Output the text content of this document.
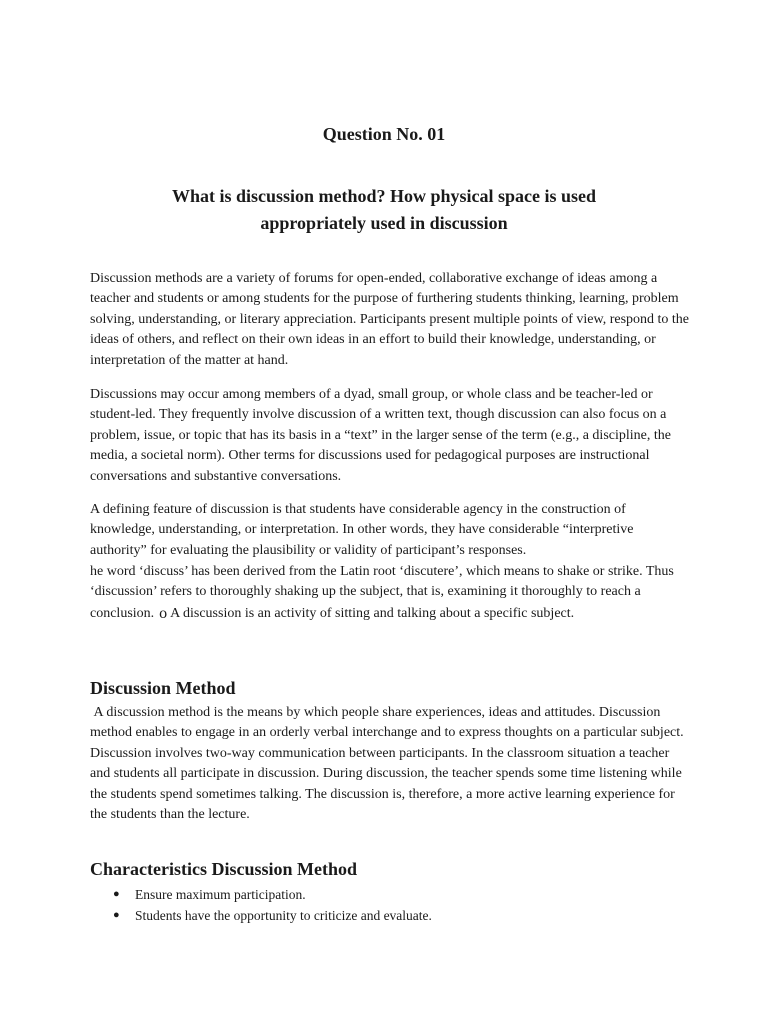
Question No. 01
What is discussion method? How physical space is used appropriately used in discussion

Discussion methods are a variety of forums for open-ended, collaborative exchange of ideas among a teacher and students or among students for the purpose of furthering students thinking, learning, problem solving, understanding, or literary appreciation. Participants present multiple points of view, respond to the ideas of others, and reflect on their own ideas in an effort to build their knowledge, understanding, or interpretation of the matter at hand.

Discussions may occur among members of a dyad, small group, or whole class and be teacher-led or student-led. They frequently involve discussion of a written text, though discussion can also focus on a problem, issue, or topic that has its basis in a “text” in the larger sense of the term (e.g., a discipline, the media, a societal norm). Other terms for discussions used for pedagogical purposes are instructional conversations and substantive conversations.

A defining feature of discussion is that students have considerable agency in the construction of knowledge, understanding, or interpretation. In other words, they have considerable “interpretive authority” for evaluating the plausibility or validity of participant’s responses.

he word ‘discuss’ has been derived from the Latin root ‘discutere’, which means to shake or strike. Thus ‘discussion’ refers to thoroughly shaking up the subject, that is, examining it thoroughly to reach a conclusion. o A discussion is an activity of sitting and talking about a specific subject.

Discussion Method

A discussion method is the means by which people share experiences, ideas and attitudes. Discussion method enables to engage in an orderly verbal interchange and to express thoughts on a particular subject. Discussion involves two-way communication between participants. In the classroom situation a teacher and students all participate in discussion. During discussion, the teacher spends some time listening while the students spend sometimes talking. The discussion is, therefore, a more active learning experience for the students than the lecture.

Characteristics Discussion Method
● Ensure maximum participation.
● Students have the opportunity to criticize and evaluate.
